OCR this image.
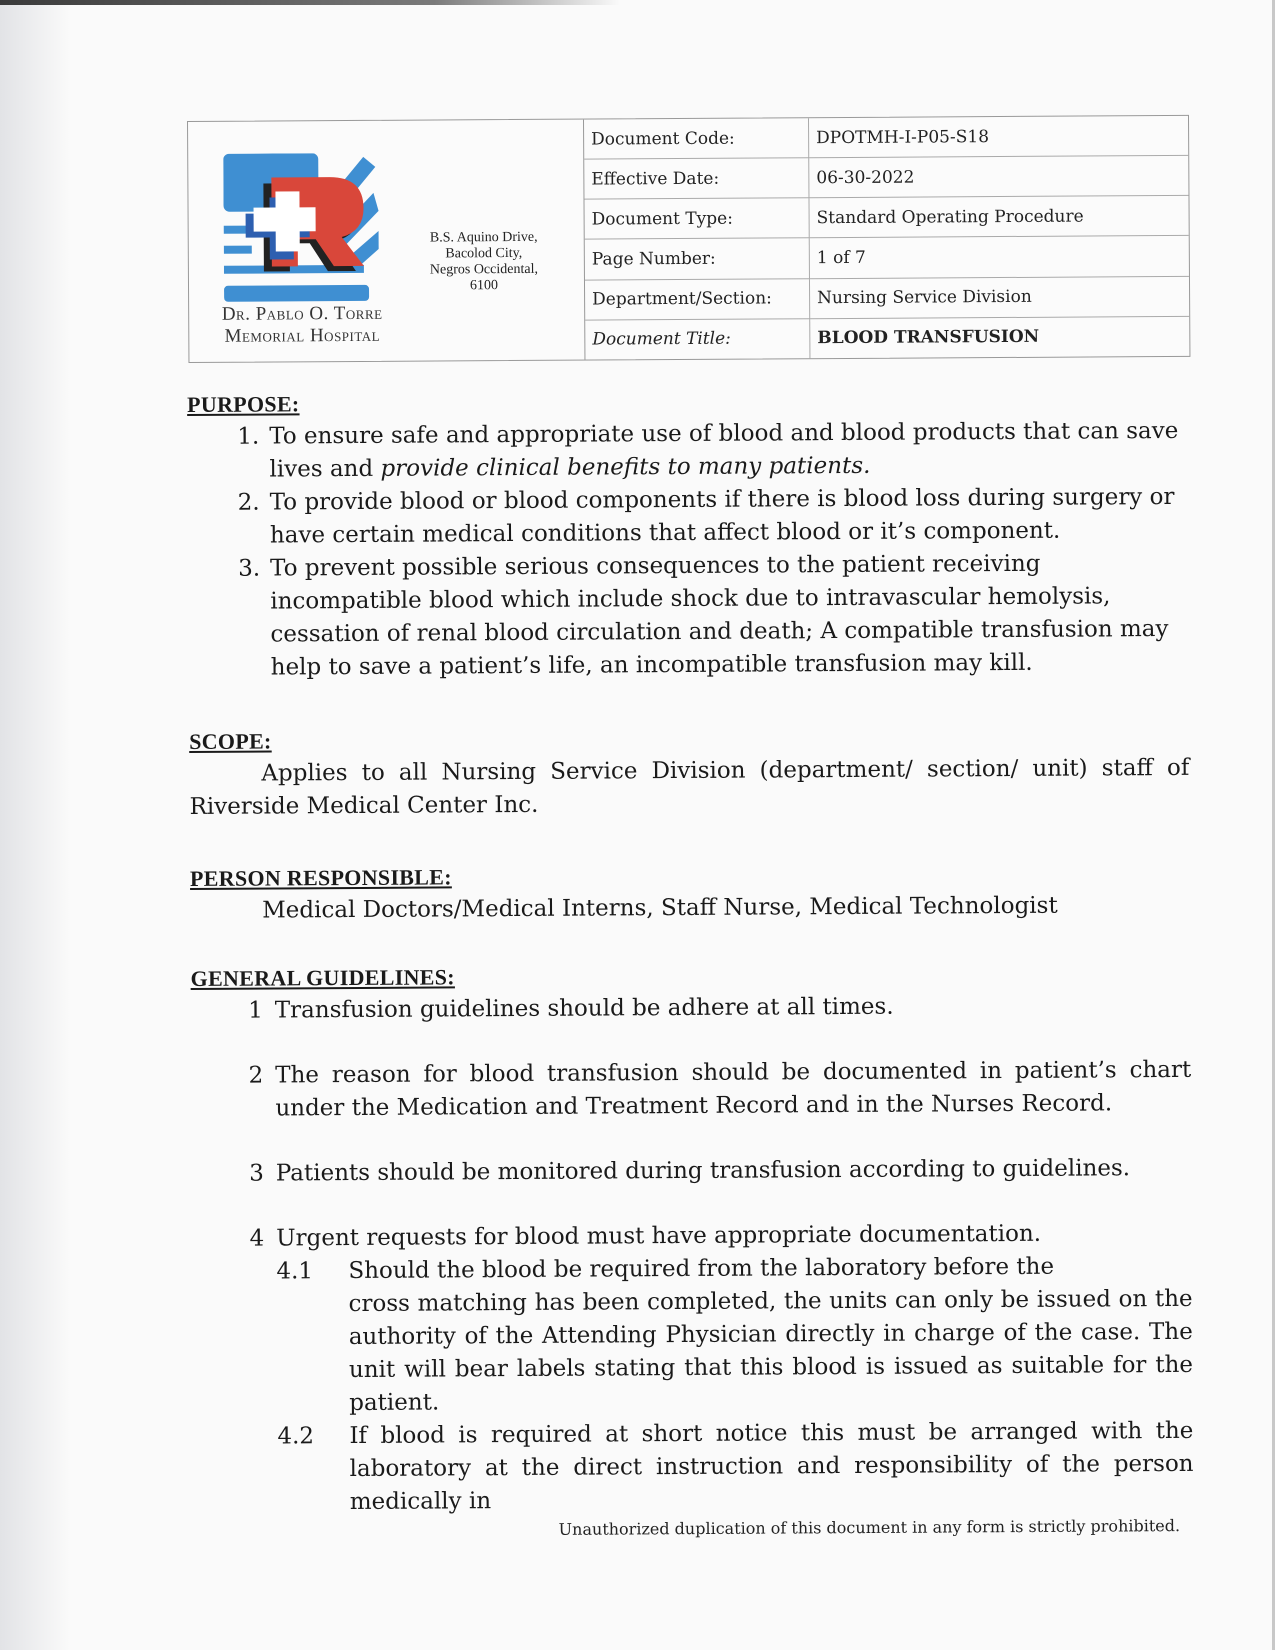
Dr. Pablo O. Torre
Memorial Hospital
B.S. Aquino Drive,
Bacolod City,
Negros Occidental,
6100
Document Code:	DPOTMH-I-P05-S18
Effective Date:	06-30-2022
Document Type:	Standard Operating Procedure
Page Number:	1 of 7
Department/Section:	Nursing Service Division
Document Title:	BLOOD TRANSFUSION
PURPOSE:
1. To ensure safe and appropriate use of blood and blood products that can save lives and provide clinical benefits to many patients.
2. To provide blood or blood components if there is blood loss during surgery or have certain medical conditions that affect blood or it’s component.
3. To prevent possible serious consequences to the patient receiving incompatible blood which include shock due to intravascular hemolysis, cessation of renal blood circulation and death; A compatible transfusion may help to save a patient’s life, an incompatible transfusion may kill.
SCOPE:
Applies to all Nursing Service Division (department/ section/ unit) staff of Riverside Medical Center Inc.
PERSON RESPONSIBLE:
Medical Doctors/Medical Interns, Staff Nurse, Medical Technologist
GENERAL GUIDELINES:
1 Transfusion guidelines should be adhere at all times.
2 The reason for blood transfusion should be documented in patient’s chart under the Medication and Treatment Record and in the Nurses Record.
3 Patients should be monitored during transfusion according to guidelines.
4 Urgent requests for blood must have appropriate documentation.
4.1	Should the blood be required from the laboratory before the
cross matching has been completed, the units can only be issued on the authority of the Attending Physician directly in charge of the case. The unit will bear labels stating that this blood is issued as suitable for the patient.
4.2	If blood is required at short notice this must be arranged with the laboratory at the direct instruction and responsibility of the person medically in
Unauthorized duplication of this document in any form is strictly prohibited.
